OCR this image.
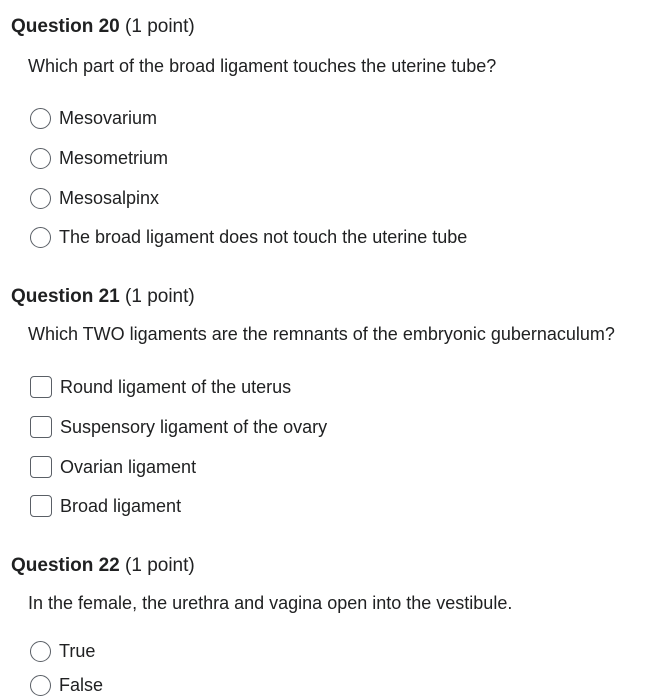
Question 20 (1 point)
Which part of the broad ligament touches the uterine tube?
Mesovarium
Mesometrium
Mesosalpinx
The broad ligament does not touch the uterine tube
Question 21 (1 point)
Which TWO ligaments are the remnants of the embryonic gubernaculum?
Round ligament of the uterus
Suspensory ligament of the ovary
Ovarian ligament
Broad ligament
Question 22 (1 point)
In the female, the urethra and vagina open into the vestibule.
True
False
